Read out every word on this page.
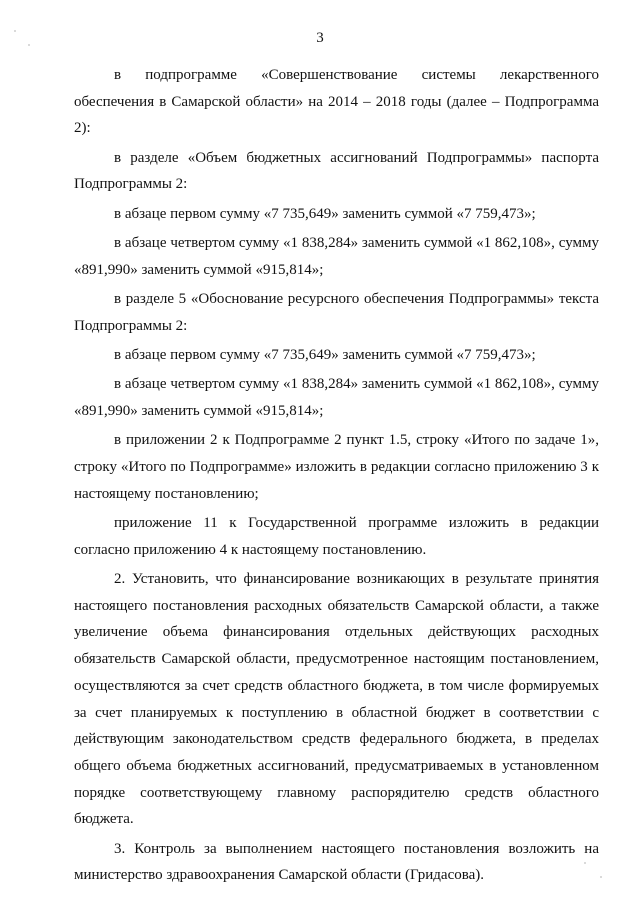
3

в подпрограмме «Совершенствование системы лекарственного обеспечения в Самарской области» на 2014 – 2018 годы (далее – Подпрограмма 2):

в разделе «Объем бюджетных ассигнований Подпрограммы» паспорта Подпрограммы 2:

в абзаце первом сумму «7 735,649» заменить суммой «7 759,473»;

в абзаце четвертом сумму «1 838,284» заменить суммой «1 862,108», сумму «891,990» заменить суммой «915,814»;

в разделе 5 «Обоснование ресурсного обеспечения Подпрограммы» текста Подпрограммы 2:

в абзаце первом сумму «7 735,649» заменить суммой «7 759,473»;

в абзаце четвертом сумму «1 838,284» заменить суммой «1 862,108», сумму «891,990» заменить суммой «915,814»;

в приложении 2 к Подпрограмме 2 пункт 1.5, строку «Итого по задаче 1», строку «Итого по Подпрограмме» изложить в редакции согласно приложению 3 к настоящему постановлению;

приложение 11 к Государственной программе изложить в редакции согласно приложению 4 к настоящему постановлению.

2. Установить, что финансирование возникающих в результате принятия настоящего постановления расходных обязательств Самарской области, а также увеличение объема финансирования отдельных действующих расходных обязательств Самарской области, предусмотренное настоящим постановлением, осуществляются за счет средств областного бюджета, в том числе формируемых за счет планируемых к поступлению в областной бюджет в соответствии с действующим законодательством средств федерального бюджета, в пределах общего объема бюджетных ассигнований, предусматриваемых в установленном порядке соответствующему главному распорядителю средств областного бюджета.

3. Контроль за выполнением настоящего постановления возложить на министерство здравоохранения Самарской области (Гридасова).
